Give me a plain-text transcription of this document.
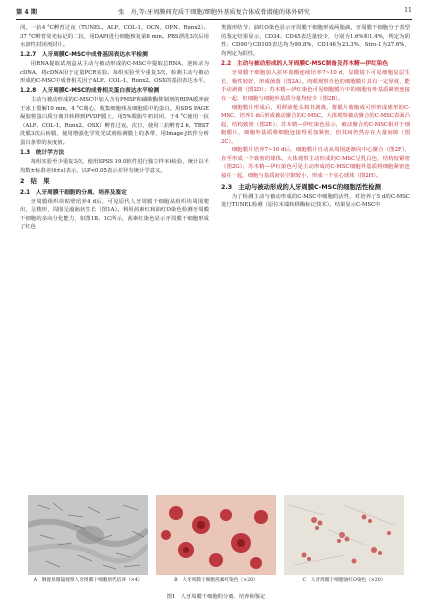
第 4 期	张　舟,等:牙周膜间充质干细胞/细胞外基质复合体成骨潜能的体外研究	11
闭、一抗4 °C孵育过夜（TUNEL、ALP、COL-1、OCN、OPN、Runx2）、37 °C孵育荧光标记的二抗，用DAPI进行细胞核复染8 min。PBS漂洗3次后用水溶性封闭剂封片。
1.2.7　人牙周膜C-MSC中成骨基因表达水平检测
用RNA提取试剂盒从主动与被动形成的C-MSC中提取总RNA，逆转录为cDNA，将cDNA用于定量PCR实验。每组实验至少重复3次，检测主动与被动形成的C-MSC中成骨相关因子ALP、COL-1、Runx2、OSX的基因表达水平。
1.2.8　人牙周膜C-MSC的成骨相关蛋白表达水平检测
主动与被动形成的C-MSC中加入含有PMSF和磷酸酶抑制剂的RIPA缓冲液于冰上裂解10 min，4 °C离心，收集细胞残及细胞质中的蛋白。用SDS PAGE凝胶将蛋白质分离并转移到PVDF膜上，用5%脱脂牛奶封闭，于4 °C使用一抗（ALP、COL-1、Runx2、OSX）孵育过夜。次日，使用二抗孵育2 h，TBST洗膜3次后转膜，使用增强化学发光试剂检测膜上的条带，用Image-J软件分析蛋白条带的灰度值。
1.3　统计学方法
每组实验至少重复3次，使用SPSS 19.0软件进行独立样本t检验，统计以平均数±标准差(x̄±s)表示，以P<0.05表示差异有统计学意义。
2　结　果
2.1　人牙周膜干细胞的分离、培养及鉴定
牙周膜组织块贴壁培养4 d后，可见原代人牙周膜干细胞从组织块周围爬出，呈梭形，周围呈漩涡状生长（图1A）。利用茜素红和油红O染色检测牙周膜干细胞的多向分化能力，如图1B、1C所示，茜素红染色显示牙周膜干细胞形成了红色
类圆形结节；油红O染色显示牙周膜干细胞形成两脂滴。牙周膜干细胞分子表型的鉴定结果显示，CD34、CD45表达量较少，分别为1.6%和1.4%，判定为阴性；CD90与CD105表达均为99.8%，CD146为23.3%，Stro-1为27.6%，均判定为阳性。
2.2　主动与被动形成的人牙周膜C-MSC制备及苏木精—伊红染色
牙周膜干细胞加入抗坏血酸连续培养7~10 d，显微镜下可见细胞复层生长，极性较好，形成菌落（图2A）。肉眼观察自色的细胞膜片具有一定厚度，能手动剥离（图2D）；苏木精—伊红染色可见细胞膜片中的细胞有外基质紧密连接在一起，但细胞与细胞外基质分量均较少（图2B）。
细胞膜片形成后，用移液枪头将其剥离，将膜片收缩成可形形成球形的C-MSC，培养1 d后形成被动聚合的C-MSC。大体观察被动聚合的C-MSC表面凸起，结构致密（图2E）；苏木精—伊红染色显示，被动聚合的C-MSC相对于细胞膜片，细胞外基质将细胞连接得更加紧密，但其间仍然存在大量间隙（图2C）。
细胞膜片培养7~10 d后，细胞膜片自动从周围逐渐向中心聚合（图2F），直至形成一个致密的球体。大体观察主动形成的C-MSC呈乳白色，结构较紧密（图2G）；苏木精—伊红染色可见主动形成的C-MSC细胞外基质将细胞紧密连接在一起，细胞与基质间显空隙较小，形成一个实心球体（图2H）。
2.3　主动与被动形成的人牙周膜C-MSC的细胞活性检测
为了检测主动与被动形成的C-MSC中细胞的活性，对培养了5 d的C-MSC进行TUNEL检测（原位末端转移酶标记技术）。结果显示C-MSC中
A　倒置显微镜观察人牙周膜干细胞原代培养（×4）	B　人牙周膜干细胞茜素红染色（×20）	C　人牙周膜干细胞油红O染色（×20）
图1　人牙周膜干细胞的分离、培养和鉴定
